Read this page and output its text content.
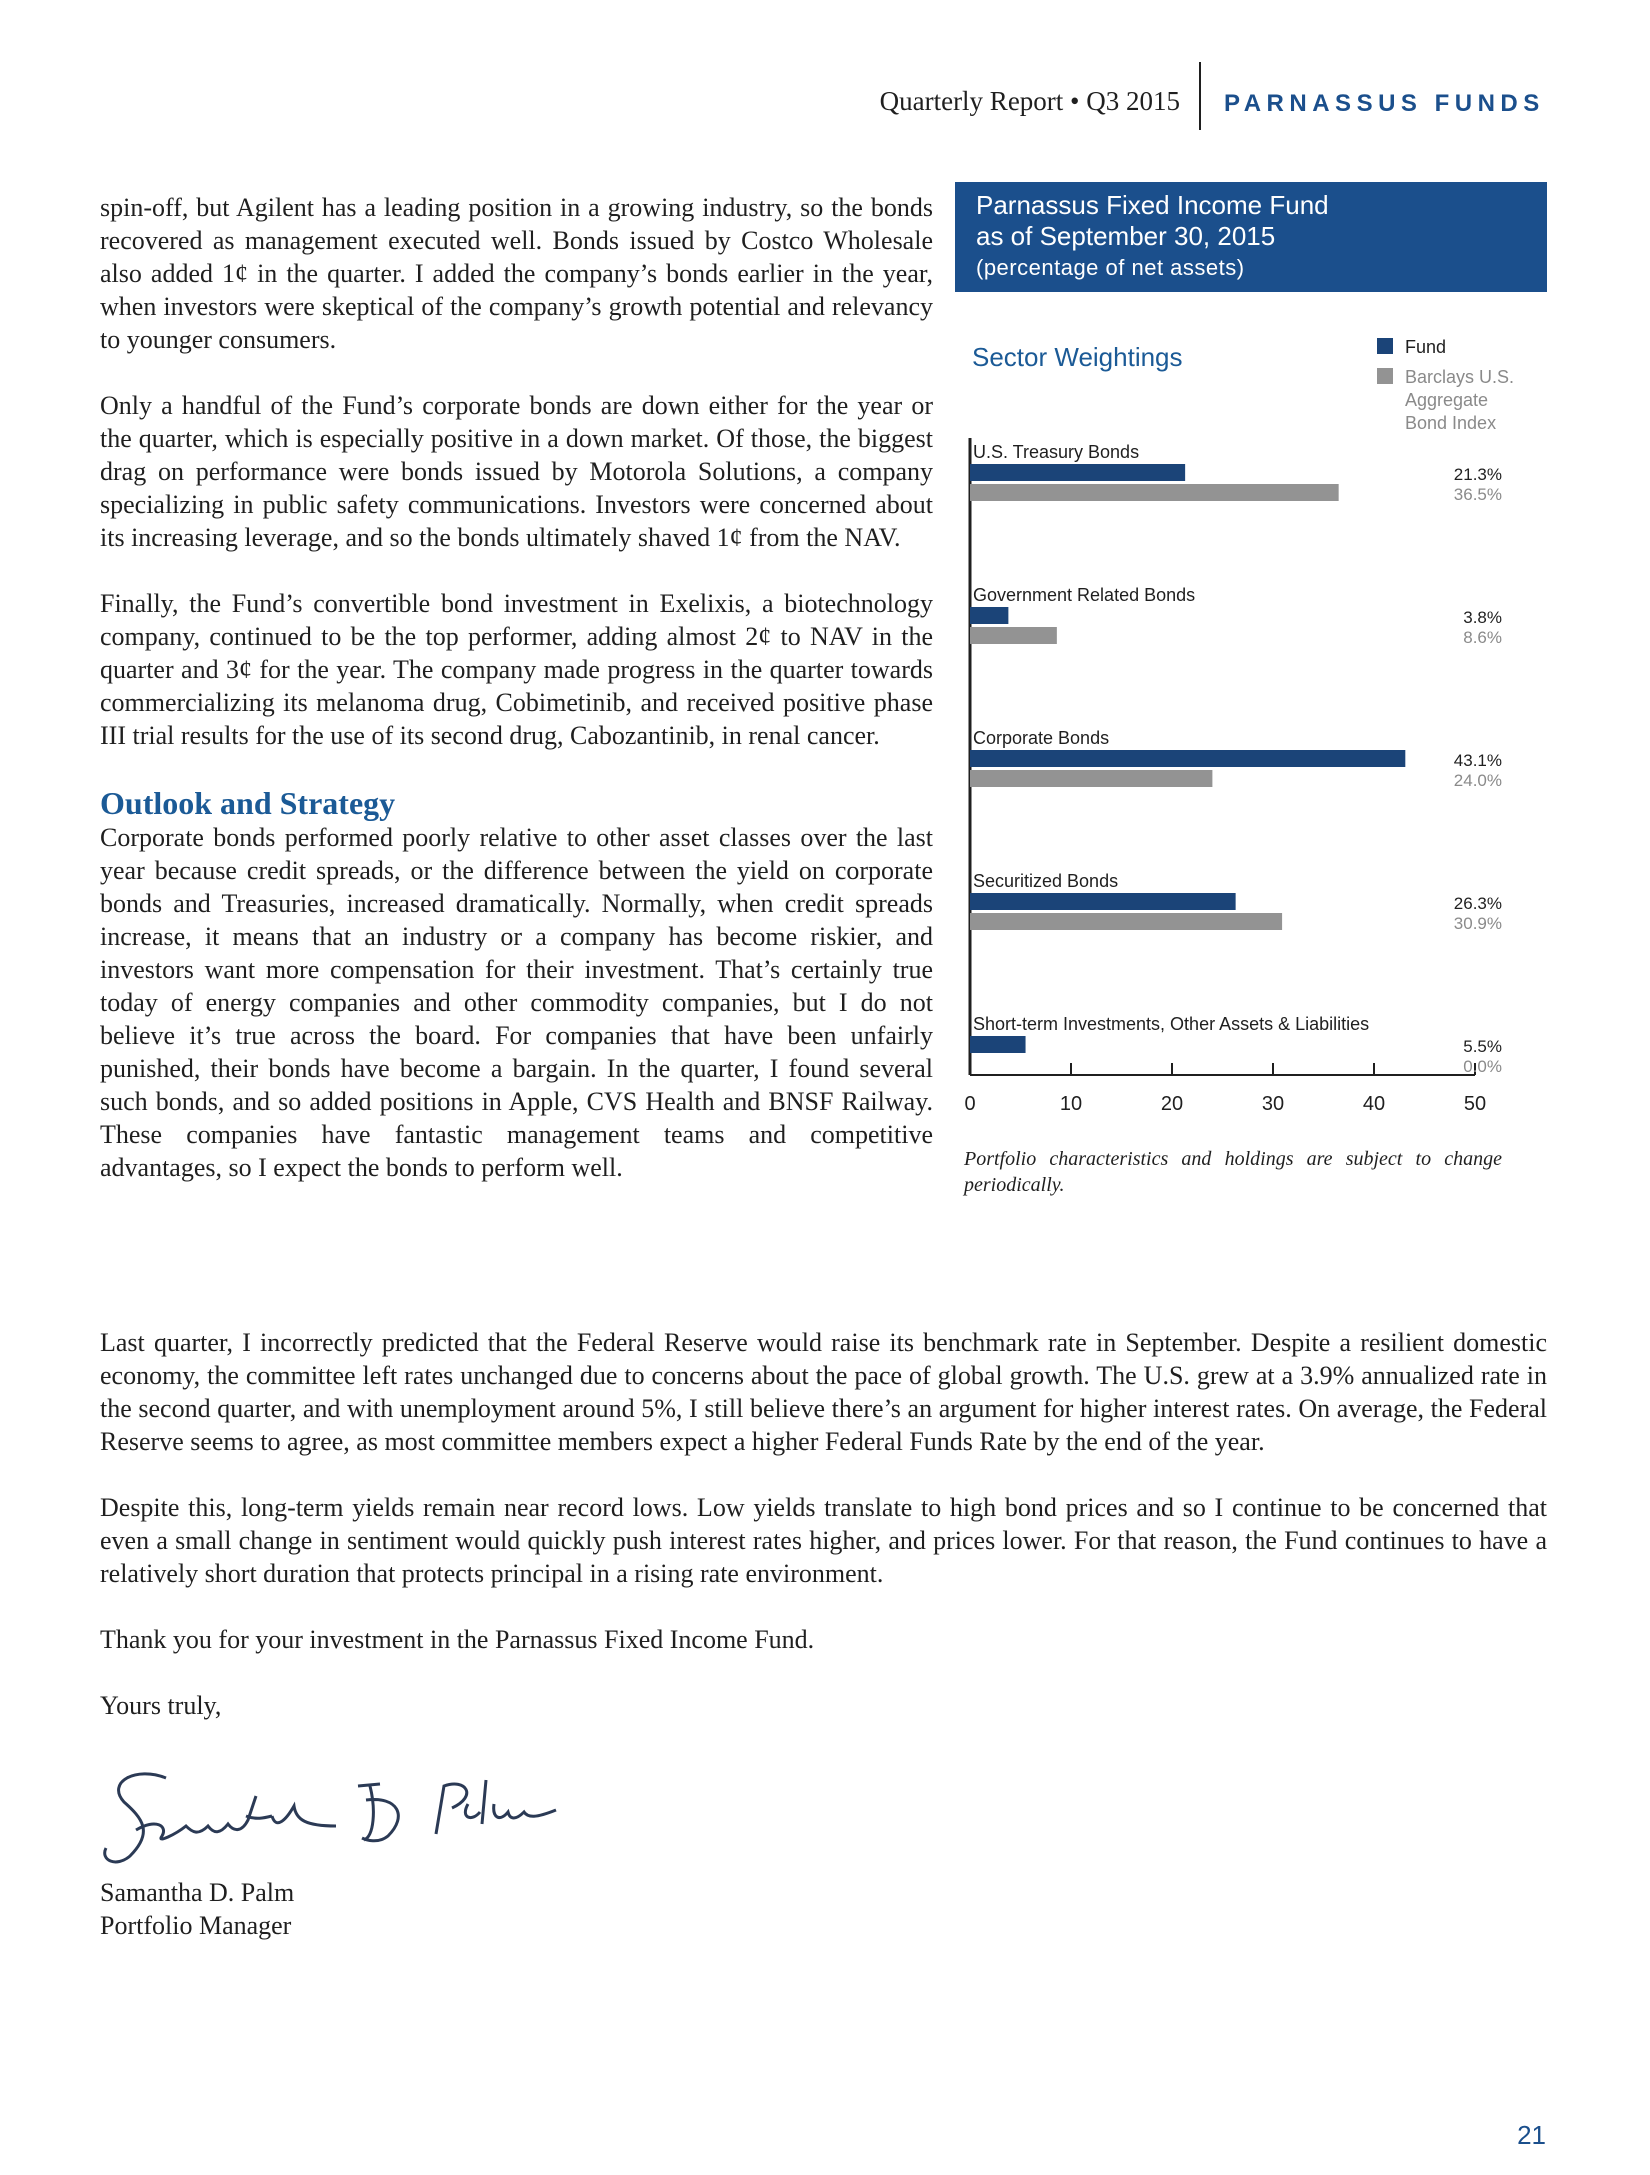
Quarterly Report • Q3 2015 PARNASSUS FUNDS

spin-off, but Agilent has a leading position in a growing industry, so the bonds recovered as management executed well. Bonds issued by Costco Wholesale also added 1¢ in the quarter. I added the company’s bonds earlier in the year, when investors were skeptical of the company’s growth potential and relevancy to younger consumers.

Only a handful of the Fund’s corporate bonds are down either for the year or the quarter, which is especially positive in a down market. Of those, the biggest drag on performance were bonds issued by Motorola Solutions, a company specializing in public safety communications. Investors were concerned about its increasing leverage, and so the bonds ultimately shaved 1¢ from the NAV.

Finally, the Fund’s convertible bond investment in Exelixis, a biotechnology company, continued to be the top performer, adding almost 2¢ to NAV in the quarter and 3¢ for the year. The company made progress in the quarter towards commercializing its melanoma drug, Cobimetinib, and received positive phase III trial results for the use of its second drug, Cabozantinib, in renal cancer.

Outlook and Strategy

Corporate bonds performed poorly relative to other asset classes over the last year because credit spreads, or the difference between the yield on corporate bonds and Treasuries, increased dramatically. Normally, when credit spreads increase, it means that an industry or a company has become riskier, and investors want more compensation for their investment. That’s certainly true today of energy companies and other commodity companies, but I do not believe it’s true across the board. For companies that have been unfairly punished, their bonds have become a bargain. In the quarter, I found several such bonds, and so added positions in Apple, CVS Health and BNSF Railway. These companies have fantastic management teams and competitive advantages, so I expect the bonds to perform well.

Last quarter, I incorrectly predicted that the Federal Reserve would raise its benchmark rate in September. Despite a resilient domestic economy, the committee left rates unchanged due to concerns about the pace of global growth. The U.S. grew at a 3.9% annualized rate in the second quarter, and with unemployment around 5%, I still believe there’s an argument for higher interest rates. On average, the Federal Reserve seems to agree, as most committee members expect a higher Federal Funds Rate by the end of the year.

Despite this, long-term yields remain near record lows. Low yields translate to high bond prices and so I continue to be concerned that even a small change in sentiment would quickly push interest rates higher, and prices lower. For that reason, the Fund continues to have a relatively short duration that protects principal in a rising rate environment.

Thank you for your investment in the Parnassus Fixed Income Fund.

Yours truly,

Samantha D. Palm
Portfolio Manager
Parnassus Fixed Income Fund
as of September 30, 2015
(percentage of net assets)
Sector Weightings	Fund
Barclays U.S.
Aggregate
Bond Index
0	10	20	30	40	50
U.S. Treasury Bonds
21.3%
36.5%
Government Related Bonds
3.8%
8.6%
Corporate Bonds
43.1%
24.0%
Securitized Bonds
26.3%
30.9%
Short-term Investments, Other Assets & Liabilities
5.5%
0.0%
Portfolio characteristics and holdings are subject to change periodically.
21
